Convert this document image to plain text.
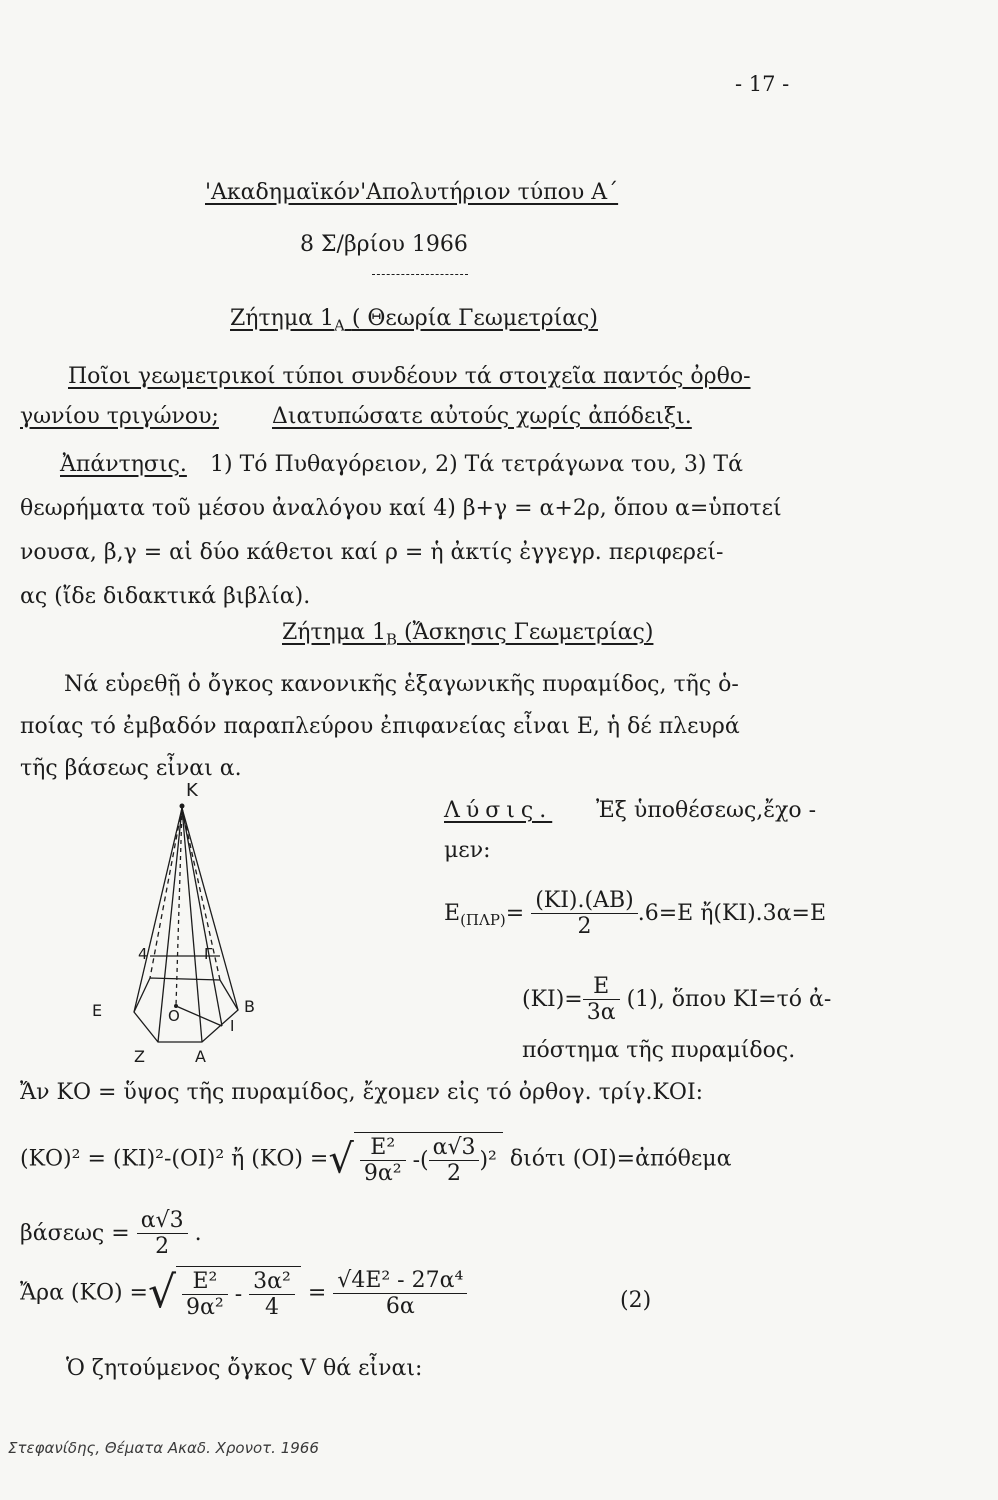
- 17 -
'Ακαδημαϊκόν'Απολυτήριον τύπου Α΄
8 Σ/βρίου 1966
Ζήτημα $1_A$ ( Θεωρία Γεωμετρίας)
Ποῖοι γεωμετρικοί τύποι συνδέουν τά στοιχεῖα παντός ὀρθο-
γωνίου τριγώνου; Διατυπώσατε αὐτούς χωρίς ἀπόδειξι.
Ἀπάντησις. 1) Τό Πυθαγόρειον, 2) Τά τετράγωνα του, 3) Τά
θεωρήματα τοῦ μέσου ἀναλόγου καί 4) β+γ = α+2ρ, ὅπου α=ὑποτεί
νουσα, β,γ = αἱ δύο κάθετοι καί ρ = ἡ ἀκτίς ἐγγεγρ. περιφερεί-
ας (ἴδε διδακτικά βιβλία).
Ζήτημα $1_B$ (Ἄσκησις Γεωμετρίας)
Νά εὑρεθῇ ὁ ὄγκος κανονικῆς ἑξαγωνικῆς πυραμίδος, τῆς ὁ-
ποίας τό ἐμβαδόν παραπλεύρου ἐπιφανείας εἶναι Ε, ἡ δέ πλευρά
τῆς βάσεως εἶναι α.
Κ
Ε	Β
Ζ	Α
Ο
Ι
4	Γ
Λύσις. Ἐξ ὑποθέσεως,ἔχο -
μεν:
$E_{(\Pi\Lambda P)}= \frac{(KI).(AB)}{2} .6=E$ ἤ(ΚΙ).3α=Ε
$(KI)= \frac{E}{3\alpha} (1)$, ὅπου ΚΙ=τό ἀ-
πόστημα τῆς πυραμίδος.
Ἄν ΚΟ = ὕψος τῆς πυραμίδος, ἔχομεν εἰς τό ὀρθογ. τρίγ.ΚΟΙ:
(ΚΟ)² = (ΚΙ)²-(ΟΙ)² ἤ (ΚΟ) =√ $\frac{\text{Ε²}}{\text{9α²}}$ -( $\frac{\alpha√3}{2} )^2$ διότι (ΟΙ)=ἀπόθεμα
$\beta ά\sigma\varepsilon\omega\varsigma = \frac{\alpha√3}{2}$ .
Ἄρα (ΚΟ) =√ $\frac{\text{Ε²}}{\text{9α²}} - \frac{\text{3α²}}{4} = \frac{\text{√4Ε² - 27α⁴}}{6\alpha}$	(2)
Ὁ ζητούμενος ὄγκος V θά εἶναι:
Στεφανίδης, Θέματα Ακαδ. Χρονοτ. 1966
